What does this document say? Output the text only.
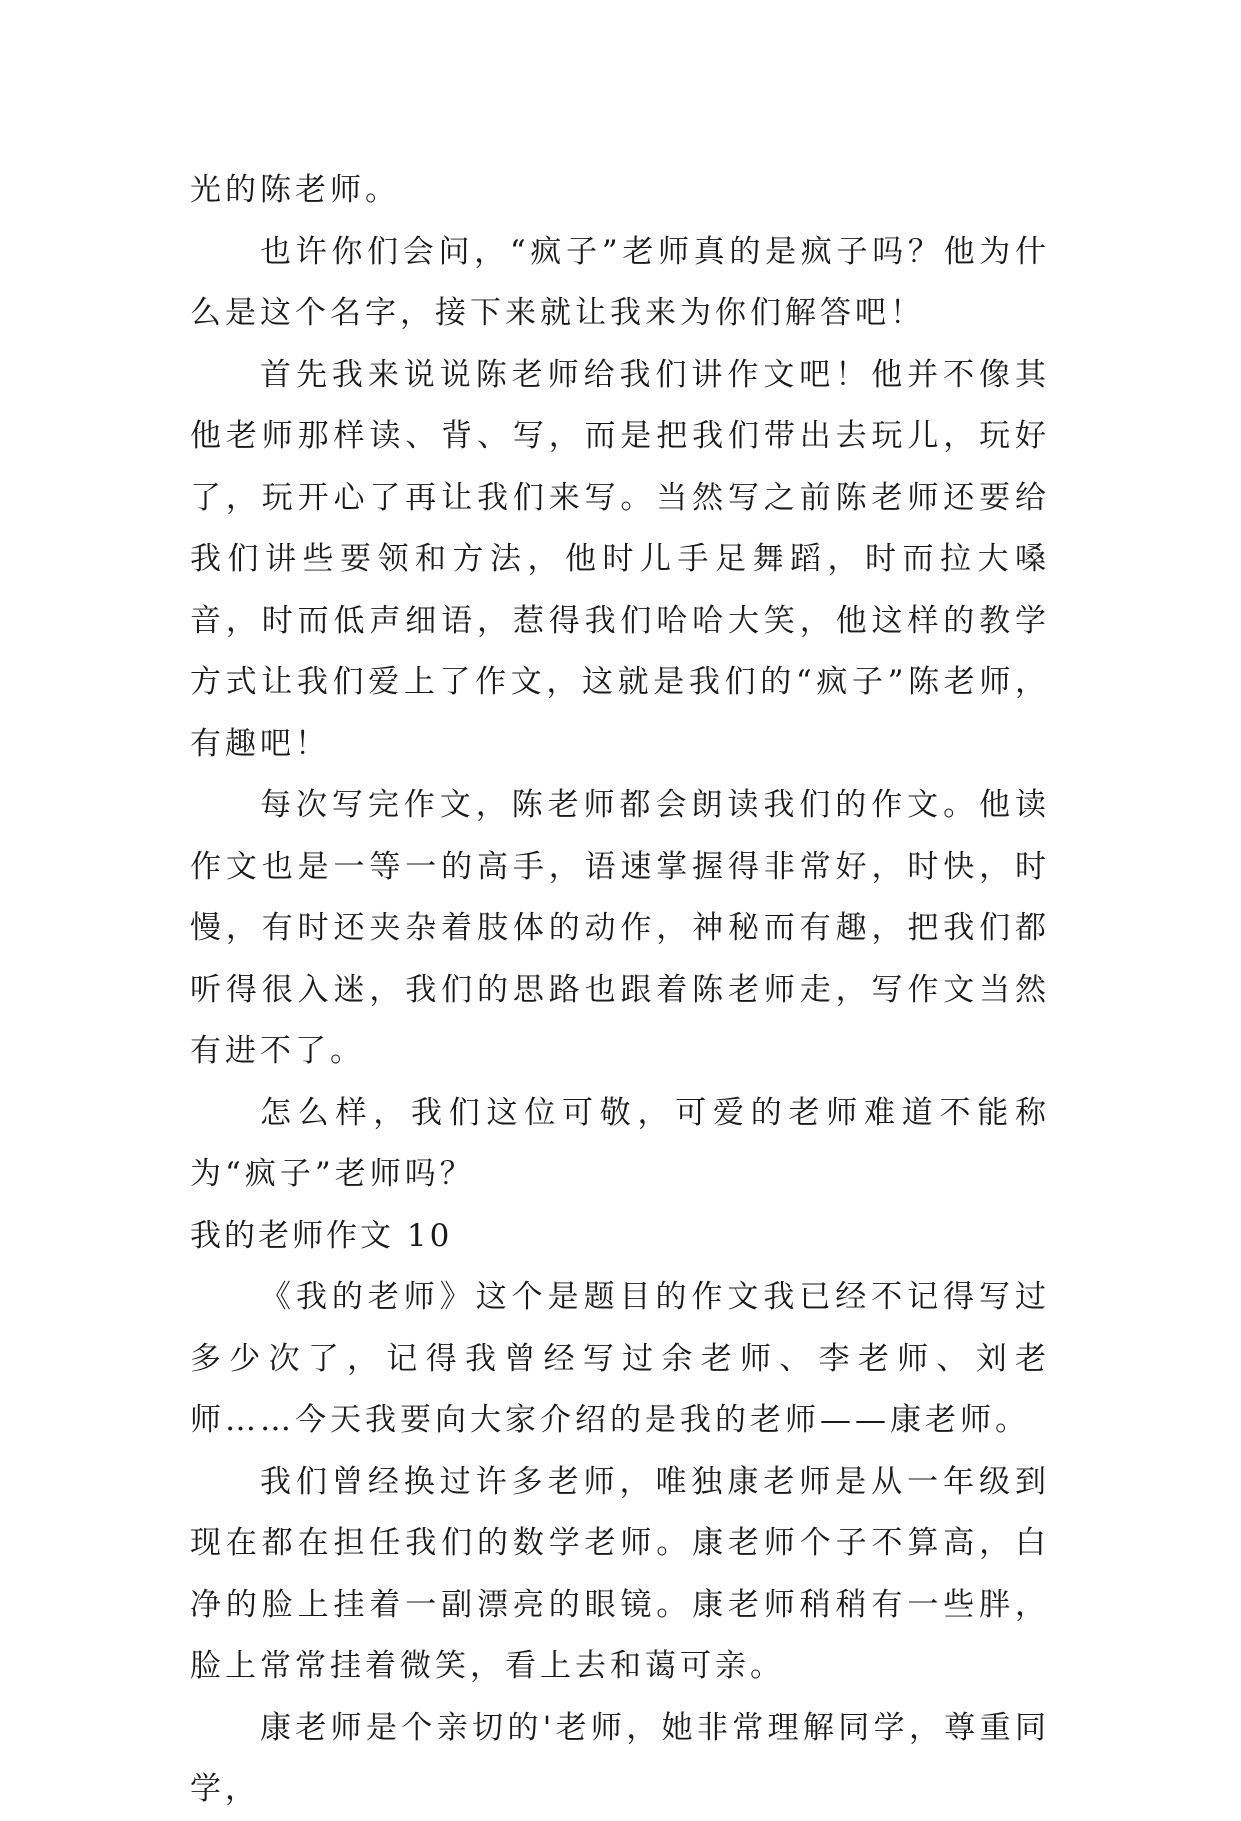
光的陈老师。

也许你们会问，“疯子”老师真的是疯子吗？他为什么是这个名字，接下来就让我来为你们解答吧！

首先我来说说陈老师给我们讲作文吧！他并不像其他老师那样读、背、写，而是把我们带出去玩儿，玩好了，玩开心了再让我们来写。当然写之前陈老师还要给我们讲些要领和方法，他时儿手足舞蹈，时而拉大嗓音，时而低声细语，惹得我们哈哈大笑，他这样的教学方式让我们爱上了作文，这就是我们的“疯子”陈老师，有趣吧！

每次写完作文，陈老师都会朗读我们的作文。他读作文也是一等一的高手，语速掌握得非常好，时快，时慢，有时还夹杂着肢体的动作，神秘而有趣，把我们都听得很入迷，我们的思路也跟着陈老师走，写作文当然有进不了。

怎么样，我们这位可敬，可爱的老师难道不能称为“疯子”老师吗？

我的老师作文 10

《我的老师》这个是题目的作文我已经不记得写过多少次了，记得我曾经写过余老师、李老师、刘老师……今天我要向大家介绍的是我的老师——康老师。

我们曾经换过许多老师，唯独康老师是从一年级到现在都在担任我们的数学老师。康老师个子不算高，白净的脸上挂着一副漂亮的眼镜。康老师稍稍有一些胖，脸上常常挂着微笑，看上去和蔼可亲。

康老师是个亲切的'老师，她非常理解同学，尊重同学，
